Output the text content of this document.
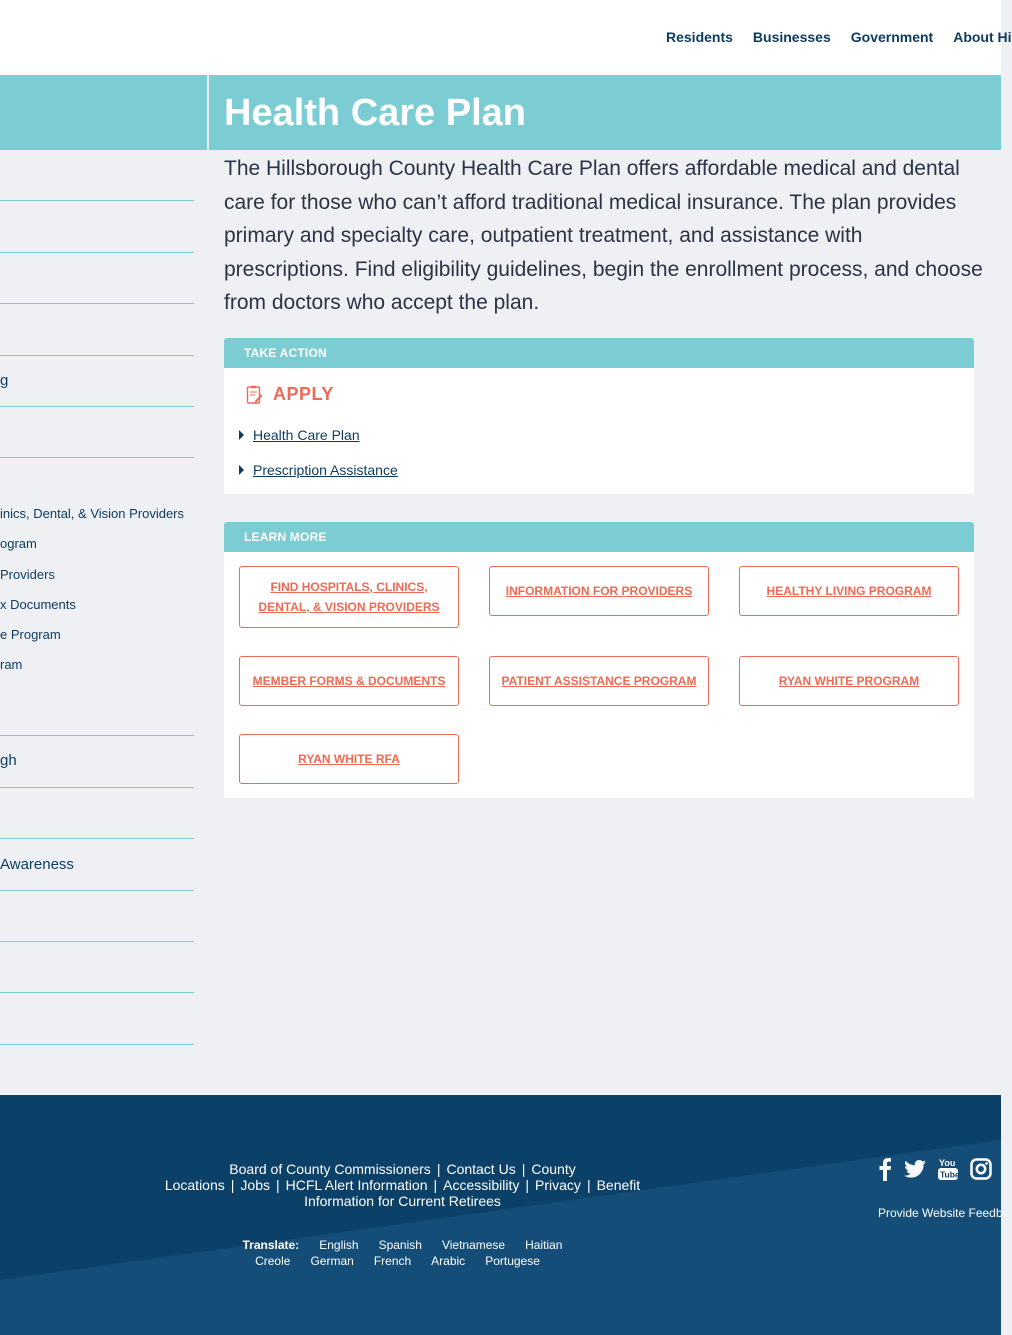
Residents Businesses Government About Hi
Health Care Plan
g
inics, Dental, & Vision Providers
ogram
Providers
x Documents
e Program
ram
gh
Awareness

The Hillsborough County Health Care Plan offers affordable medical and dental care for those who can’t afford traditional medical insurance. The plan provides primary and specialty care, outpatient treatment, and assistance with prescriptions. Find eligibility guidelines, begin the enrollment process, and choose from doctors who accept the plan.

TAKE ACTION
APPLY
Health Care Plan
Prescription Assistance
LEARN MORE
FIND HOSPITALS, CLINICS, DENTAL, & VISION PROVIDERS
INFORMATION FOR PROVIDERS	HEALTHY LIVING PROGRAM
MEMBER FORMS & DOCUMENTS	PATIENT ASSISTANCE PROGRAM	RYAN WHITE PROGRAM
RYAN WHITE RFA
Board of County Commissioners | Contact Us | County Locations | Jobs | HCFL Alert Information | Accessibility | Privacy | Benefit Information for Current Retirees
Translate: English Spanish Vietnamese Haitian Creole German French Arabic Portugese
You
Tube
Provide Website Feedb
